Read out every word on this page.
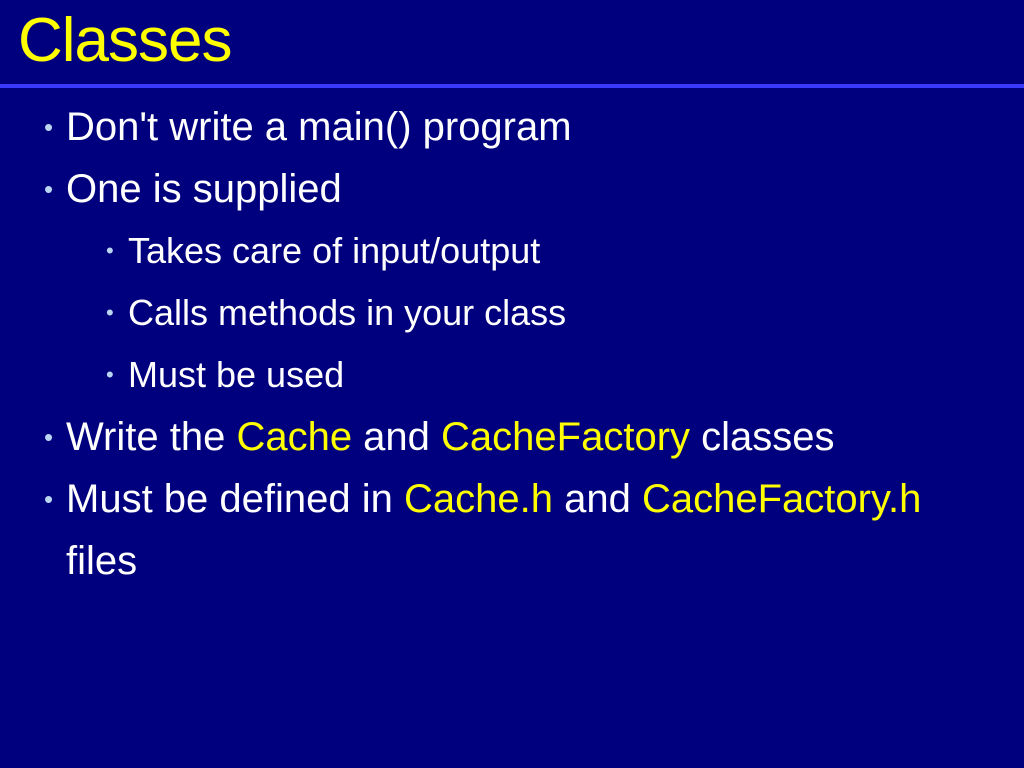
Classes
• Don't write a main() program
• One is supplied
• Takes care of input/output
• Calls methods in your class
• Must be used
• Write the Cache and CacheFactory classes
• Must be defined in Cache.h and CacheFactory.h files
